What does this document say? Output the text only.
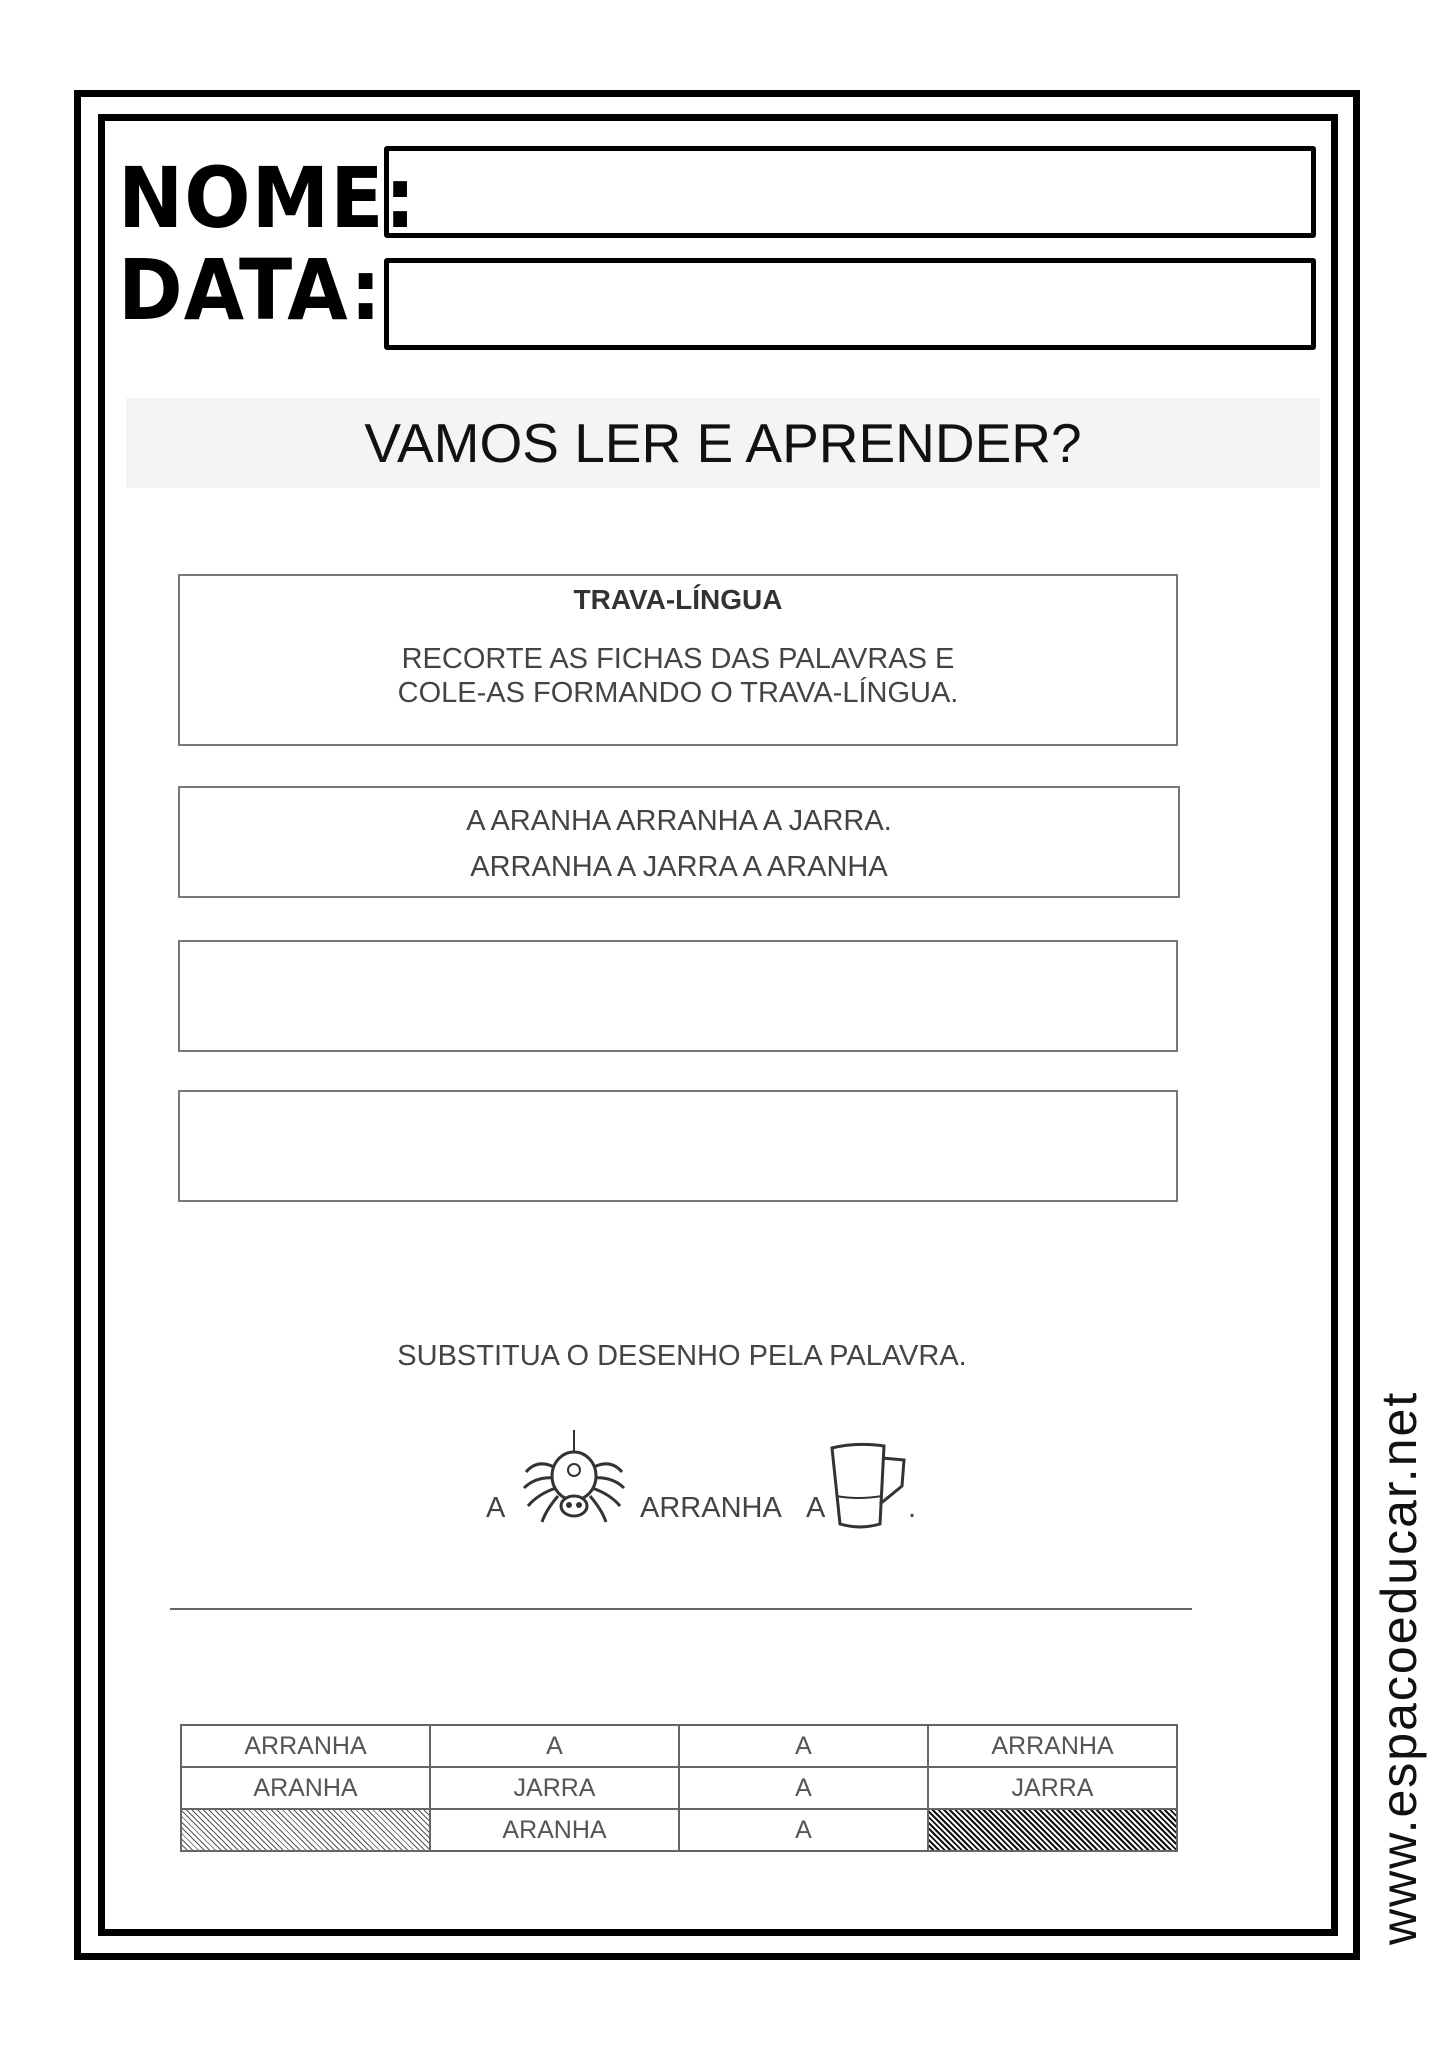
NOME:
DATA:
VAMOS LER E APRENDER?
TRAVA-LÍNGUA
RECORTE AS FICHAS DAS PALAVRAS E
COLE-AS FORMANDO O TRAVA-LÍNGUA.
A ARANHA ARRANHA A JARRA.
ARRANHA A JARRA A ARANHA
SUBSTITUA O DESENHO PELA PALAVRA.
A	ARRANHA A	.
ARRANHA	A	A	ARRANHA
ARANHA	JARRA	A	JARRA
	ARANHA	A		www.espacoeducar.net
